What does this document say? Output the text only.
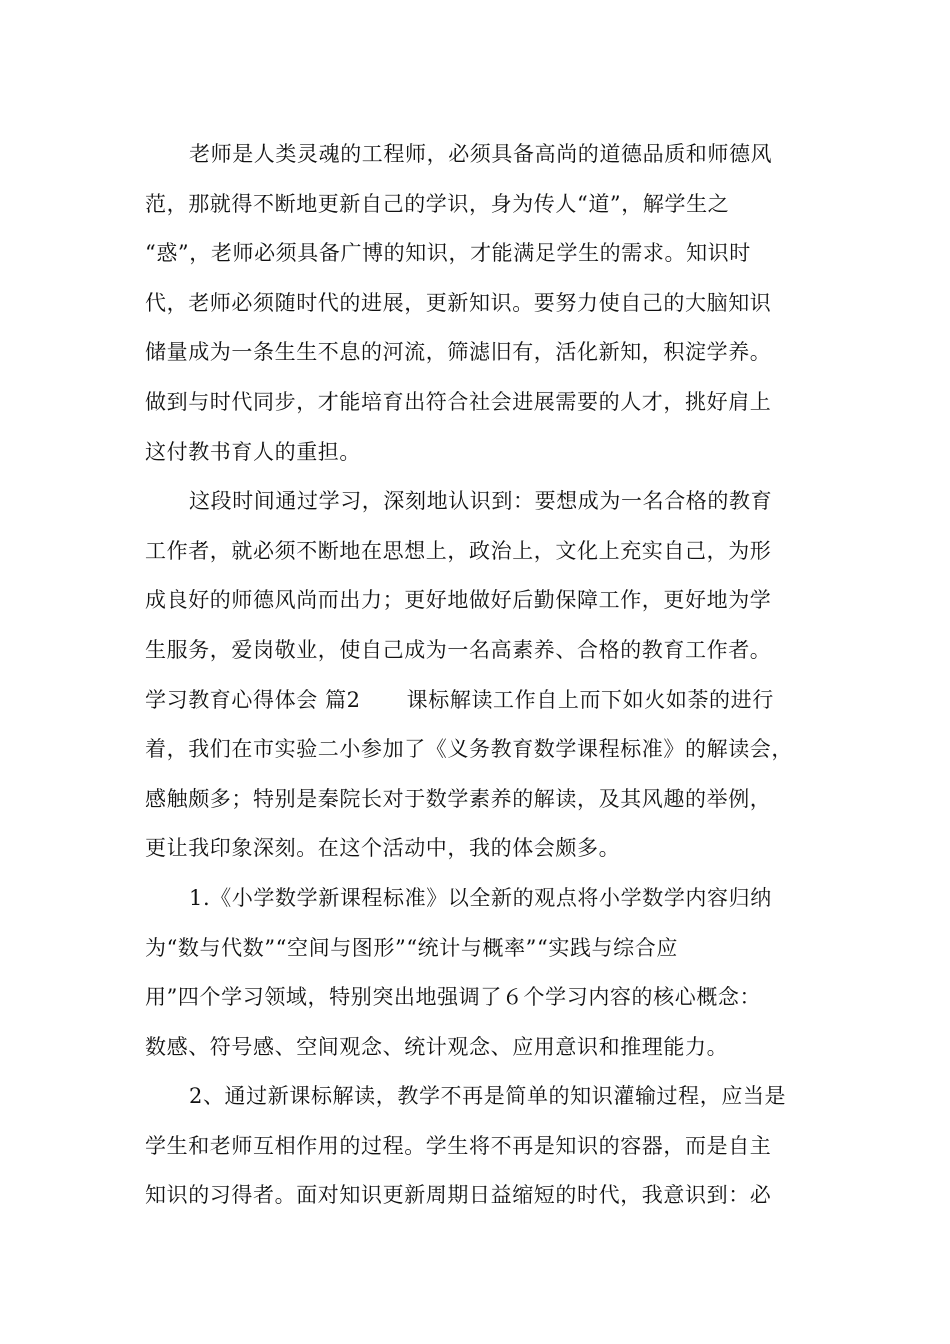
老师是人类灵魂的工程师，必须具备高尚的道德品质和师德风
范，那就得不断地更新自己的学识，身为传人“道”，解学生之
“惑”，老师必须具备广博的知识，才能满足学生的需求。知识时
代，老师必须随时代的进展，更新知识。要努力使自己的大脑知识
储量成为一条生生不息的河流，筛滤旧有，活化新知，积淀学养。
做到与时代同步，才能培育出符合社会进展需要的人才，挑好肩上
这付教书育人的重担。
这段时间通过学习，深刻地认识到：要想成为一名合格的教育
工作者，就必须不断地在思想上，政治上，文化上充实自己，为形
成良好的师德风尚而出力；更好地做好后勤保障工作，更好地为学
生服务，爱岗敬业，使自己成为一名高素养、合格的教育工作者。
学习教育心得体会 篇2 课标解读工作自上而下如火如荼的进行
着，我们在市实验二小参加了《义务教育数学课程标准》的解读会，
感触颇多；特别是秦院长对于数学素养的解读，及其风趣的举例，
更让我印象深刻。在这个活动中，我的体会颇多。
1.《小学数学新课程标准》以全新的观点将小学数学内容归纳
为“数与代数”“空间与图形”“统计与概率”“实践与综合应
用”四个学习领域，特别突出地强调了６个学习内容的核心概念：
数感、符号感、空间观念、统计观念、应用意识和推理能力。
2、通过新课标解读，教学不再是简单的知识灌输过程，应当是
学生和老师互相作用的过程。学生将不再是知识的容器，而是自主
知识的习得者。面对知识更新周期日益缩短的时代，我意识到：必
